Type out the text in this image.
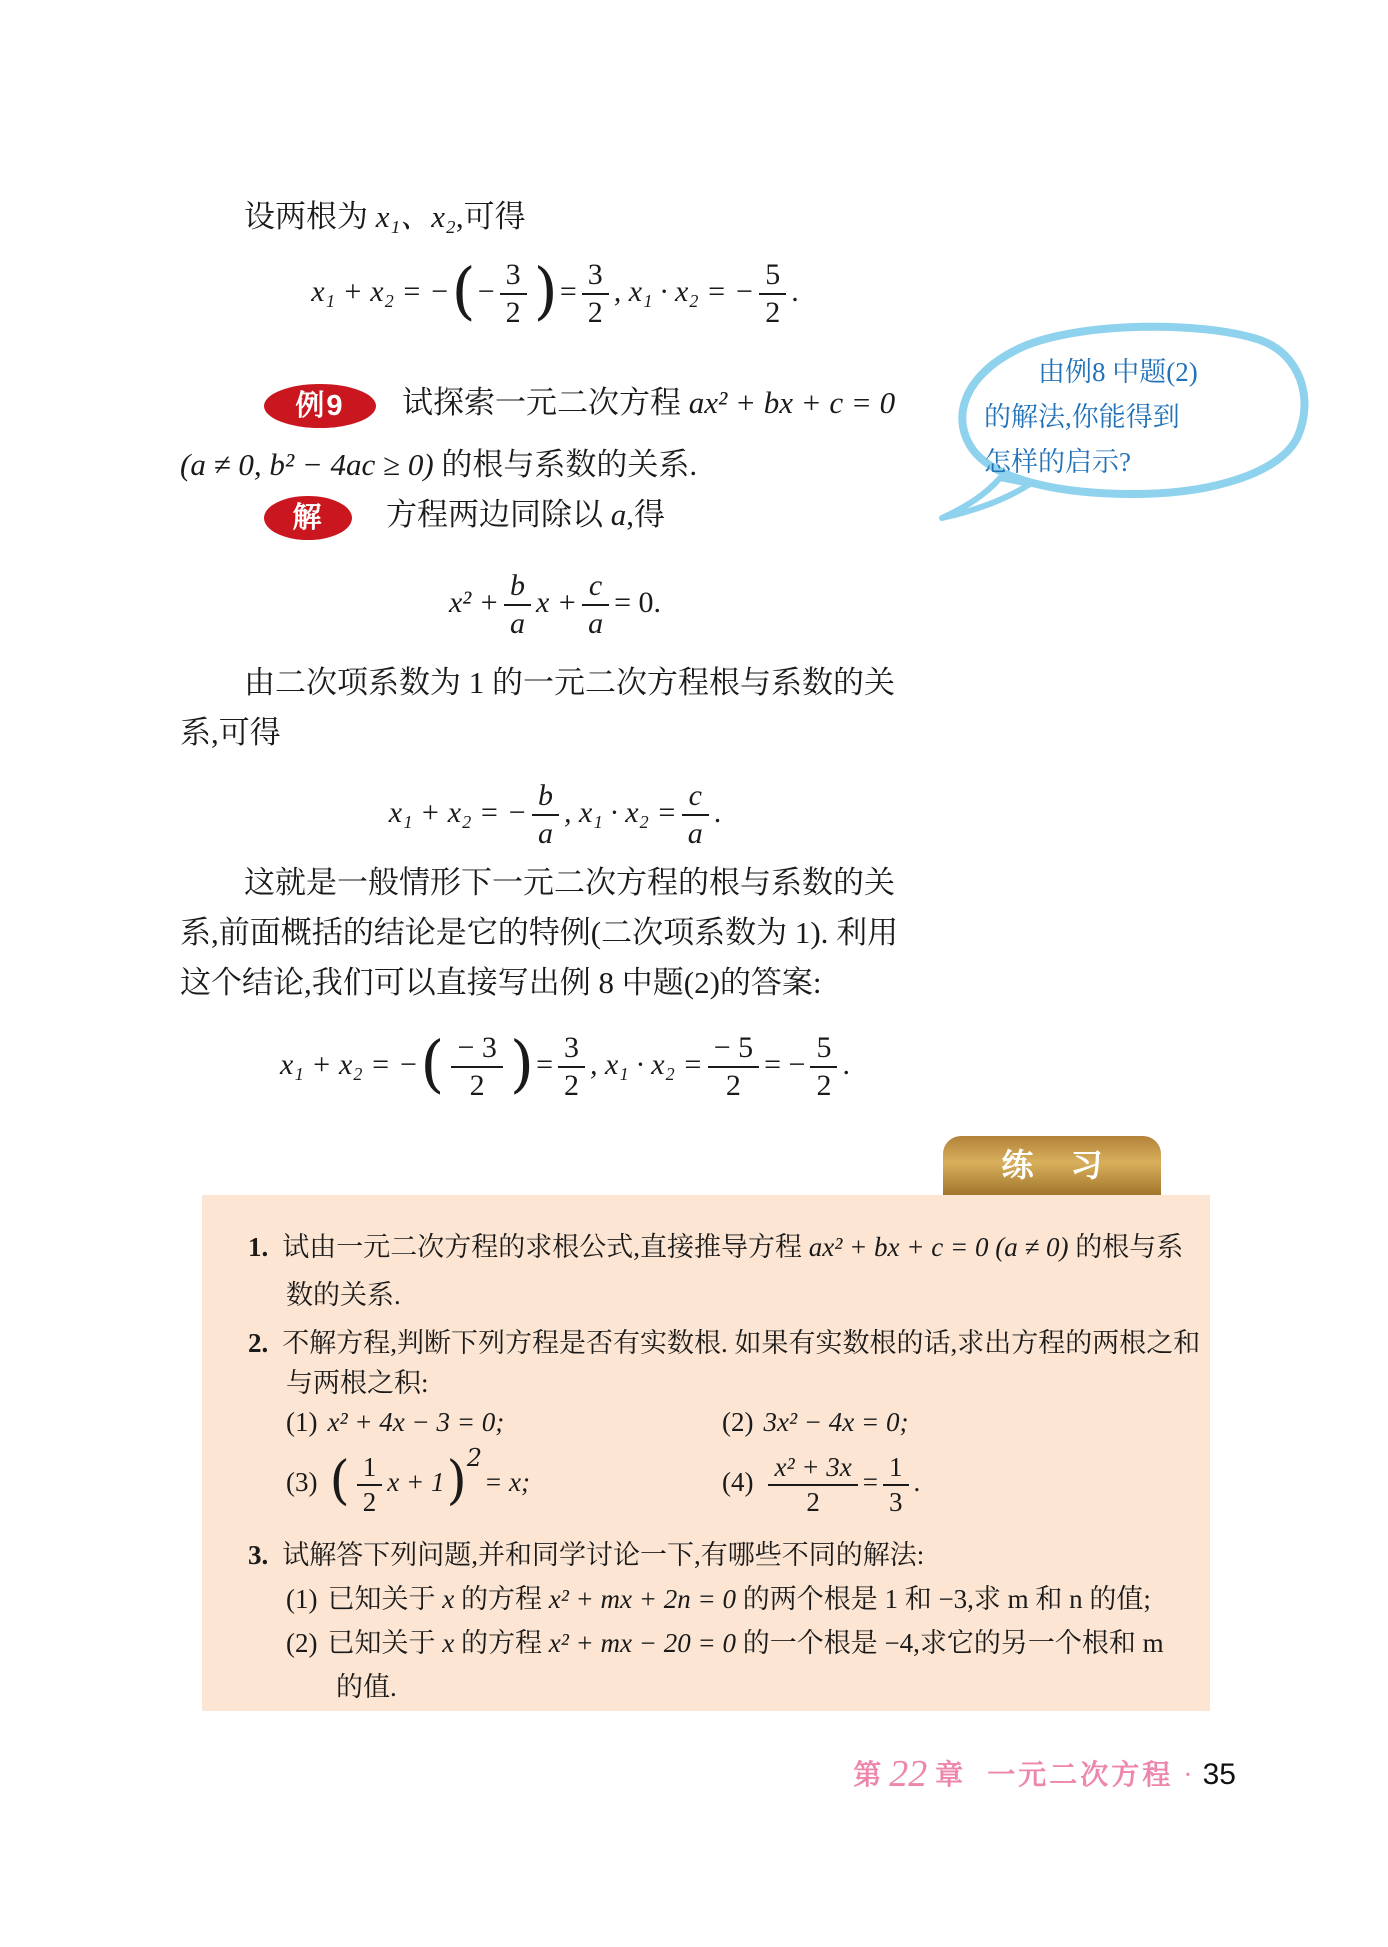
设两根为 x₁、x₂,可得
x₁ + x₂ = −(− $\frac{3}{2}$ )= $\frac{3}{2}$ , x₁ · x₂ = − $\frac{5}{2}$ .
例9 试探索一元二次方程 ax² + bx + c = 0
(a ≠ 0, b² − 4ac ≥ 0) 的根与系数的关系.
由例8 中题(2)
的解法,你能得到
怎样的启示?
解 方程两边同除以 a,得
$x^2 + \frac{b}{a}$ $x + \frac{c}{a} = 0$.
由二次项系数为 1 的一元二次方程根与系数的关
系,可得
x₁ + x₂ = − $\frac{b}{a}$ , $x_1 \cdot x_2 = \frac{c}{a}$ .
这就是一般情形下一元二次方程的根与系数的关
系,前面概括的结论是它的特例(二次项系数为 1). 利用
这个结论,我们可以直接写出例 8 中题(2)的答案:
x₁ + x₂ = −( $\frac{- 3}{2}$ )= $\frac{3}{2}$ , $x_1 \cdot x_2 = \frac{- 5}{2}$ = − $\frac{5}{2}$ .
练 习
1. 试由一元二次方程的求根公式,直接推导方程 ax² + bx + c = 0 (a ≠ 0) 的根与系
数的关系.
2. 不解方程,判断下列方程是否有实数根. 如果有实数根的话,求出方程的两根之和
与两根之积:
(1) x² + 4x − 3 = 0;	(2) 3x² − 4x = 0;
(3) ( $\frac{1}{2}$ x + 1)$^2$= x;	$(4) \frac{\text{x² + 3x}}{2} = \frac{1}{3}$ .
3. 试解答下列问题,并和同学讨论一下,有哪些不同的解法:
(1) 已知关于 x 的方程 x² + mx + 2n = 0 的两个根是 1 和 −3,求 m 和 n 的值;
(2) 已知关于 x 的方程 x² + mx − 20 = 0 的一个根是 −4,求它的另一个根和 m
的值.
第 22 章 一元二次方程 · 35
